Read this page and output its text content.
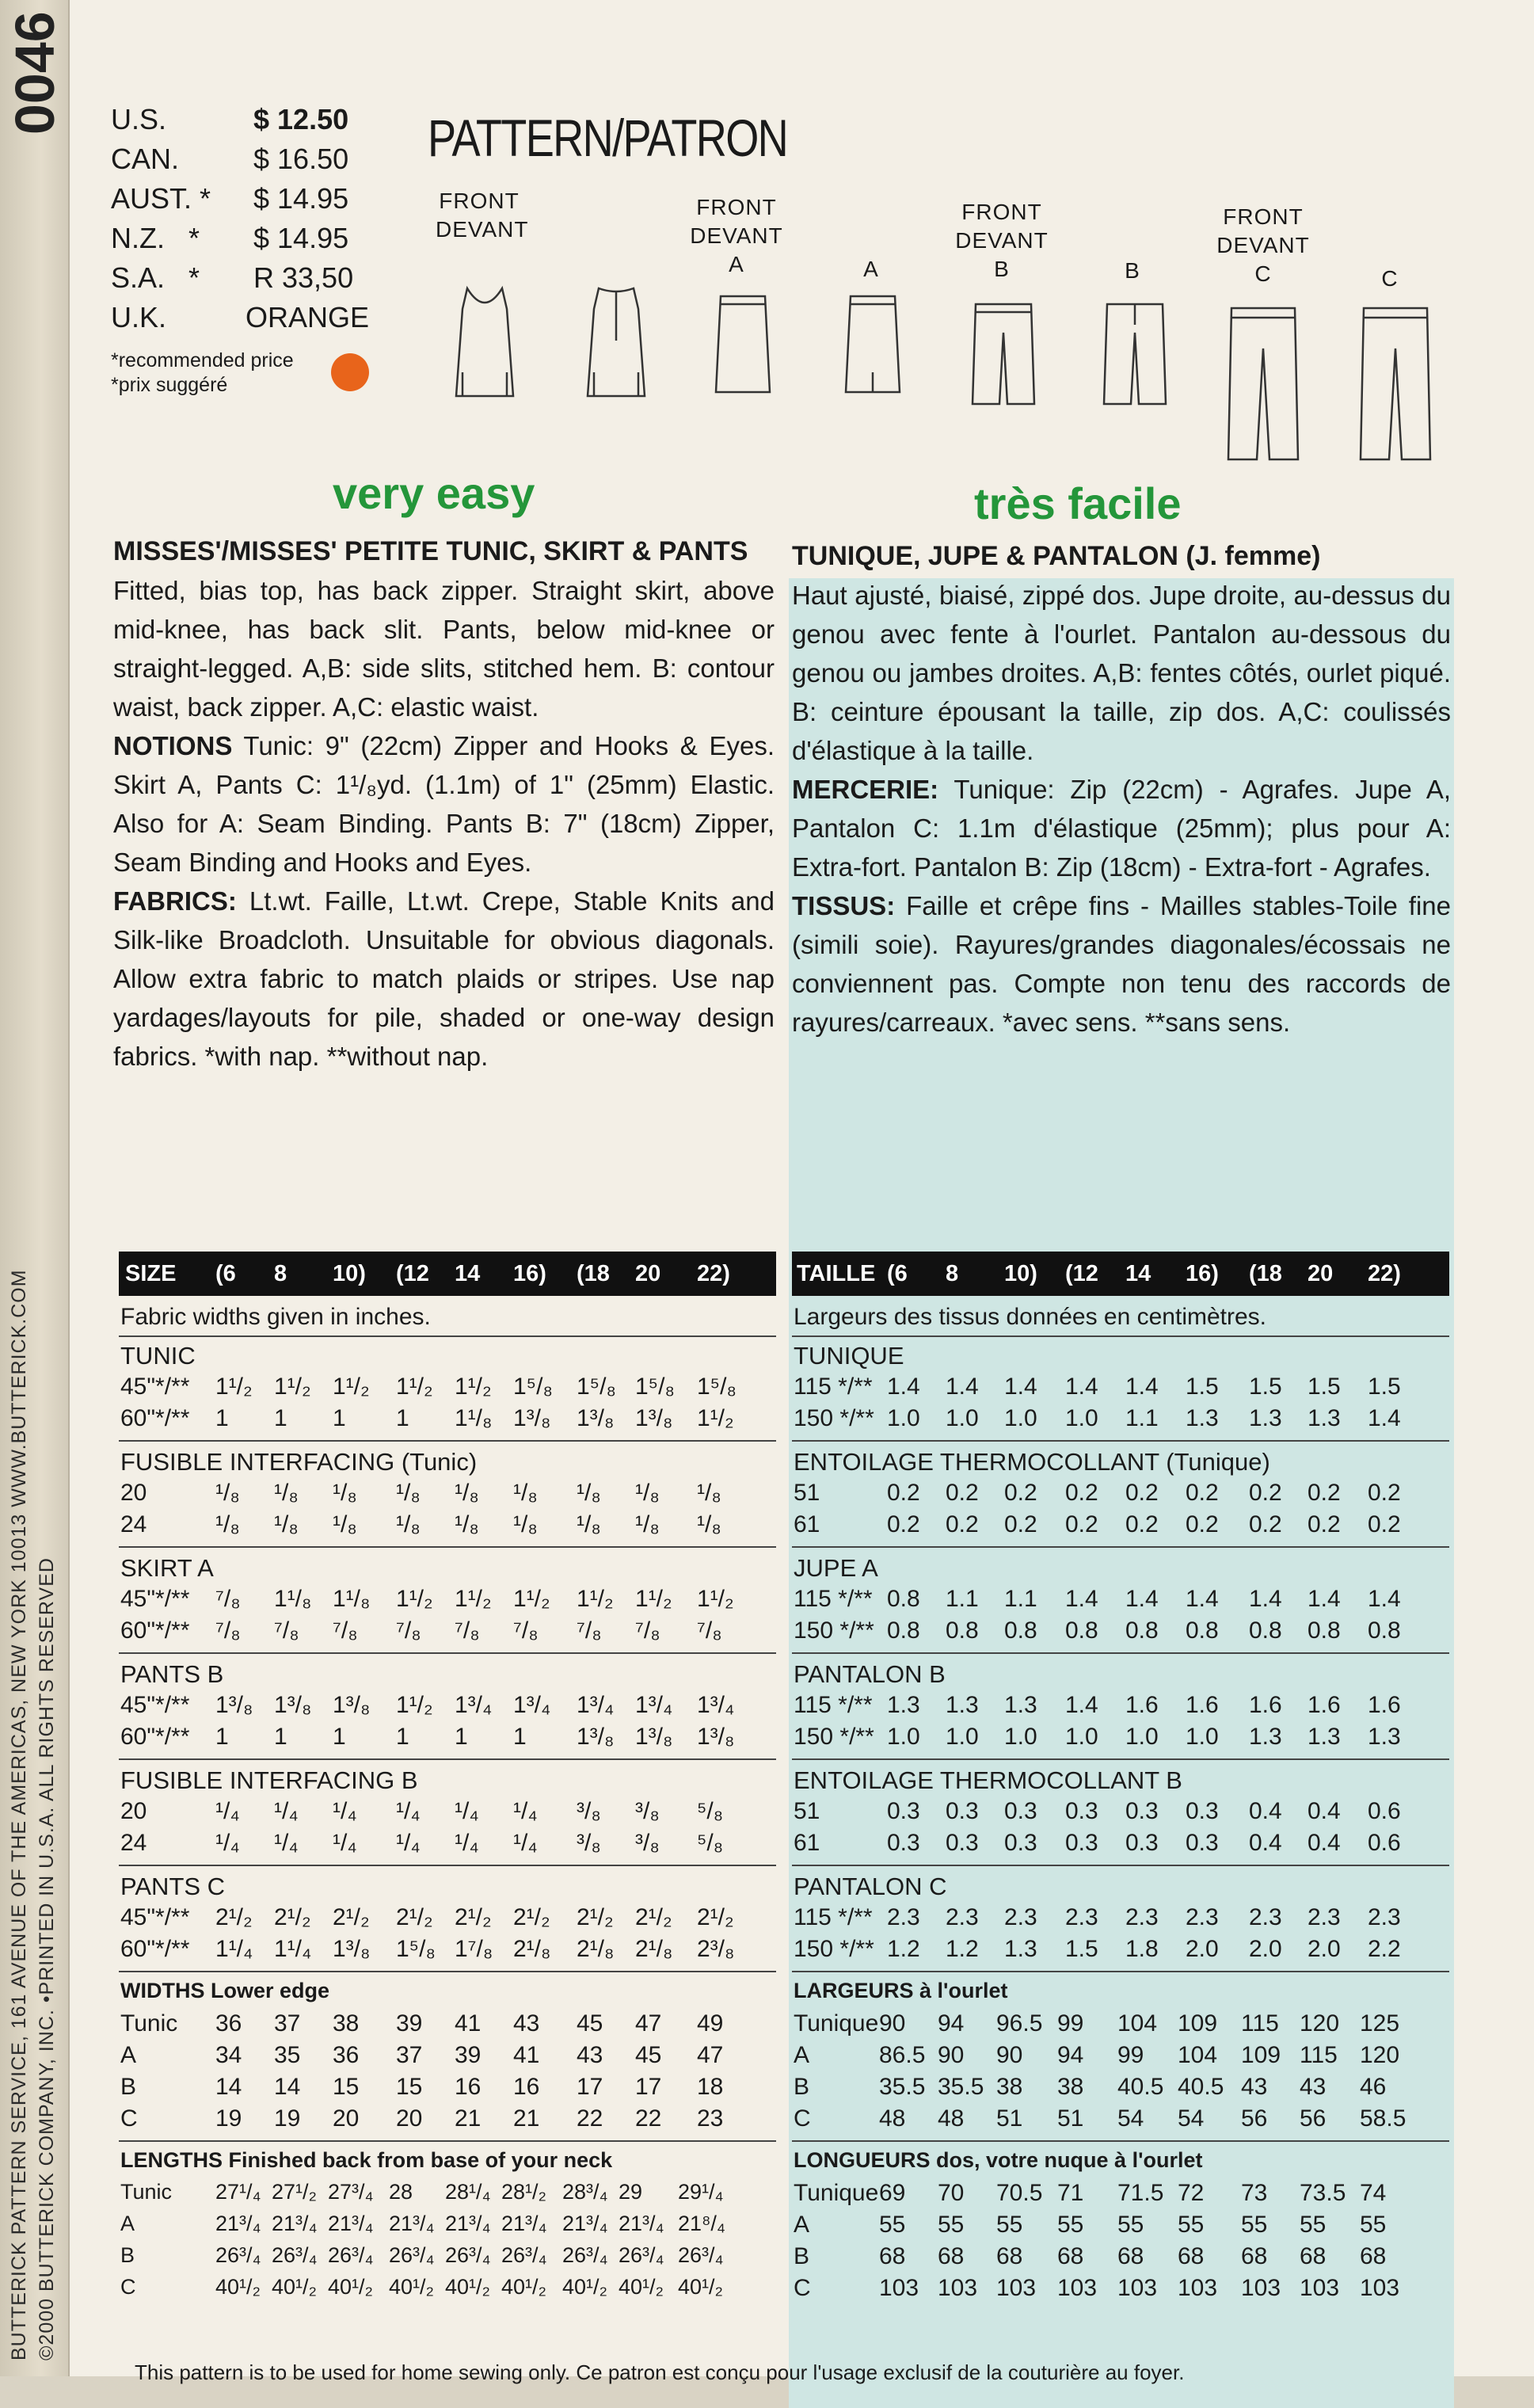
0046
BUTTERICK PATTERN SERVICE, 161 AVENUE OF THE AMERICAS, NEW YORK 10013 WWW.BUTTERICK.COM ©2000 BUTTERICK COMPANY, INC. •PRINTED IN U.S.A. ALL RIGHTS RESERVED
U.S.	$ 12.50
CAN.	$ 16.50
AUST. * $ 14.95
N.Z.   * $ 14.95
S.A.   * R 33,50
U.K.	ORANGE
*recommended price
*prix suggéré
PATTERN/PATRON
FRONT
DEVANT
FRONT
DEVANT
A	A
FRONT
DEVANT
B	B
FRONT
DEVANT
C	C
very easy	très facile

MISSES'/MISSES' PETITE TUNIC, SKIRT & PANTS

Fitted, bias top, has back zipper. Straight skirt, above mid-knee, has back slit. Pants, below mid-knee or straight-legged. A,B: side slits, stitched hem. B: contour waist, back zipper. A,C: elastic waist.

NOTIONS Tunic: 9" (22cm) Zipper and Hooks & Eyes. Skirt A, Pants C: 1¹/₈yd. (1.1m) of 1" (25mm) Elastic. Also for A: Seam Binding. Pants B: 7" (18cm) Zipper, Seam Binding and Hooks and Eyes.

FABRICS: Lt.wt. Faille, Lt.wt. Crepe, Stable Knits and Silk-like Broadcloth. Unsuitable for obvious diagonals. Allow extra fabric to match plaids or stripes. Use nap yardages/layouts for pile, shaded or one-way design fabrics. *with nap. **without nap.

TUNIQUE, JUPE & PANTALON (J. femme)

Haut ajusté, biaisé, zippé dos. Jupe droite, au-dessus du genou avec fente à l'ourlet. Pantalon au-dessous du genou ou jambes droites. A,B: fentes côtés, ourlet piqué. B: ceinture épousant la taille, zip dos. A,C: coulissés d'élastique à la taille.

MERCERIE: Tunique: Zip (22cm) - Agrafes. Jupe A, Pantalon C: 1.1m d'élastique (25mm); plus pour A: Extra-fort. Pantalon B: Zip (18cm) - Extra-fort - Agrafes.

TISSUS: Faille et crêpe fins - Mailles stables-Toile fine (simili soie). Rayures/grandes diagonales/écossais ne conviennent pas. Compte non tenu des raccords de rayures/carreaux. *avec sens. **sans sens.

SIZE (6 8 10) (12 14 16) (18 20 22)
Fabric widths given in inches.
TUNIC
45"*/** 1¹/₂ 1¹/₂ 1¹/₂ 1¹/₂ 1¹/₂ 1⁵/₈ 1⁵/₈ 1⁵/₈ 1⁵/₈
60"*/** 1 1 1 1 1¹/₈ 1³/₈ 1³/₈ 1³/₈ 1¹/₂
FUSIBLE INTERFACING (Tunic)
20	¹/₈ ¹/₈ ¹/₈ ¹/₈ ¹/₈ ¹/₈ ¹/₈ ¹/₈ ¹/₈
24	¹/₈ ¹/₈ ¹/₈ ¹/₈ ¹/₈ ¹/₈ ¹/₈ ¹/₈ ¹/₈
SKIRT A
45"*/** ⁷/₈ 1¹/₈ 1¹/₈ 1¹/₂ 1¹/₂ 1¹/₂ 1¹/₂ 1¹/₂ 1¹/₂
60"*/** ⁷/₈ ⁷/₈ ⁷/₈ ⁷/₈ ⁷/₈ ⁷/₈ ⁷/₈ ⁷/₈ ⁷/₈
PANTS B
45"*/** 1³/₈ 1³/₈ 1³/₈ 1¹/₂ 1³/₄ 1³/₄ 1³/₄ 1³/₄ 1³/₄
60"*/** 1 1 1 1 1 1 1³/₈ 1³/₈ 1³/₈
FUSIBLE INTERFACING B
20	¹/₄ ¹/₄ ¹/₄ ¹/₄ ¹/₄ ¹/₄ ³/₈ ³/₈ ⁵/₈
24	¹/₄ ¹/₄ ¹/₄ ¹/₄ ¹/₄ ¹/₄ ³/₈ ³/₈ ⁵/₈
PANTS C
45"*/** 2¹/₂ 2¹/₂ 2¹/₂ 2¹/₂ 2¹/₂ 2¹/₂ 2¹/₂ 2¹/₂ 2¹/₂
60"*/** 1¹/₄ 1¹/₄ 1³/₈ 1⁵/₈ 1⁷/₈ 2¹/₈ 2¹/₈ 2¹/₈ 2³/₈
WIDTHS Lower edge
Tunic 36 37 38 39 41 43 45 47 49
A	34 35 36 37 39 41 43 45 47
B	14 14 15 15 16 16 17 17 18
C	19 19 20 20 21 21 22 22 23
LENGTHS Finished back from base of your neck
Tunic 27¹/₄ 27¹/₂ 27³/₄ 28 28¹/₄ 28¹/₂ 28³/₄ 29 29¹/₄
A	21³/₄ 21³/₄ 21³/₄ 21³/₄ 21³/₄ 21³/₄ 21³/₄ 21³/₄ 21⁸/₄
B	26³/₄ 26³/₄ 26³/₄ 26³/₄ 26³/₄ 26³/₄ 26³/₄ 26³/₄ 26³/₄
C	40¹/₂ 40¹/₂ 40¹/₂ 40¹/₂ 40¹/₂ 40¹/₂ 40¹/₂ 40¹/₂ 40¹/₂
TAILLE (6 8 10) (12 14 16) (18 20 22)
Largeurs des tissus données en centimètres.
TUNIQUE
115 */** 1.4 1.4 1.4 1.4 1.4 1.5 1.5 1.5 1.5
150 */** 1.0 1.0 1.0 1.0 1.1 1.3 1.3 1.3 1.4
ENTOILAGE THERMOCOLLANT (Tunique)
51	0.2 0.2 0.2 0.2 0.2 0.2 0.2 0.2 0.2
61	0.2 0.2 0.2 0.2 0.2 0.2 0.2 0.2 0.2
JUPE A
115 */** 0.8 1.1 1.1 1.4 1.4 1.4 1.4 1.4 1.4
150 */** 0.8 0.8 0.8 0.8 0.8 0.8 0.8 0.8 0.8
PANTALON B
115 */** 1.3 1.3 1.3 1.4 1.6 1.6 1.6 1.6 1.6
150 */** 1.0 1.0 1.0 1.0 1.0 1.0 1.3 1.3 1.3
ENTOILAGE THERMOCOLLANT B
51	0.3 0.3 0.3 0.3 0.3 0.3 0.4 0.4 0.6
61	0.3 0.3 0.3 0.3 0.3 0.3 0.4 0.4 0.6
PANTALON C
115 */** 2.3 2.3 2.3 2.3 2.3 2.3 2.3 2.3 2.3
150 */** 1.2 1.2 1.3 1.5 1.8 2.0 2.0 2.0 2.2
LARGEURS à l'ourlet
Tunique 90 94 96.5 99 104 109 115 120 125
A	86.5 90 90 94 99 104 109 115 120
B	35.5 35.5 38 38 40.5 40.5 43 43 46
C	48 48 51 51 54 54 56 56 58.5
LONGUEURS dos, votre nuque à l'ourlet
Tunique 69 70 70.5 71 71.5 72 73 73.5 74
A	55 55 55 55 55 55 55 55 55
B	68 68 68 68 68 68 68 68 68
C	103 103 103 103 103 103 103 103 103
This pattern is to be used for home sewing only. Ce patron est conçu pour l'usage exclusif de la couturière au foyer.
